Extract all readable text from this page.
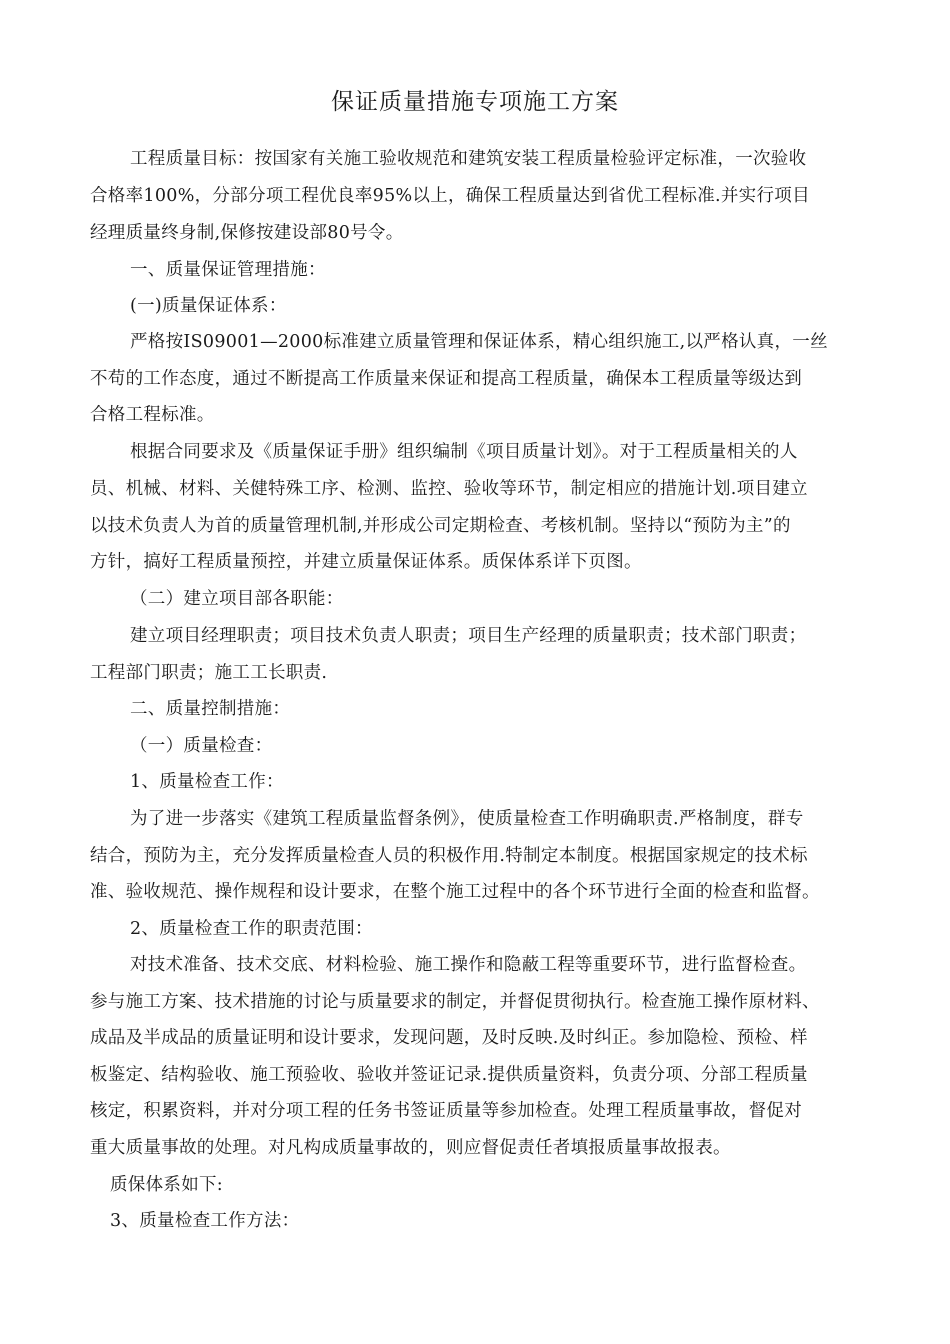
保证质量措施专项施工方案
工程质量目标：按国家有关施工验收规范和建筑安装工程质量检验评定标准，一次验收
合格率100%，分部分项工程优良率95%以上，确保工程质量达到省优工程标准.并实行项目
经理质量终身制,保修按建设部80号令。
一、质量保证管理措施：
(一)质量保证体系：
严格按IS09001—2000标准建立质量管理和保证体系，精心组织施工,以严格认真，一丝
不苟的工作态度，通过不断提高工作质量来保证和提高工程质量，确保本工程质量等级达到
合格工程标准。
根据合同要求及《质量保证手册》组织编制《项目质量计划》。对于工程质量相关的人
员、机械、材料、关健特殊工序、检测、监控、验收等环节，制定相应的措施计划.项目建立
以技术负责人为首的质量管理机制,并形成公司定期检查、考核机制。坚持以“预防为主”的
方针，搞好工程质量预控，并建立质量保证体系。质保体系详下页图。
（二）建立项目部各职能：
建立项目经理职责；项目技术负责人职责；项目生产经理的质量职责；技术部门职责；
工程部门职责；施工工长职责.
二、质量控制措施：
（一）质量检查：
1、质量检查工作：
为了进一步落实《建筑工程质量监督条例》，使质量检查工作明确职责.严格制度，群专
结合，预防为主，充分发挥质量检查人员的积极作用.特制定本制度。根据国家规定的技术标
准、验收规范、操作规程和设计要求，在整个施工过程中的各个环节进行全面的检查和监督。
2、质量检查工作的职责范围：
对技术准备、技术交底、材料检验、施工操作和隐蔽工程等重要环节，进行监督检查。
参与施工方案、技术措施的讨论与质量要求的制定，并督促贯彻执行。检查施工操作原材料、
成品及半成品的质量证明和设计要求，发现问题，及时反映.及时纠正。参加隐检、预检、样
板鉴定、结构验收、施工预验收、验收并签证记录.提供质量资料，负责分项、分部工程质量
核定，积累资料，并对分项工程的任务书签证质量等参加检查。处理工程质量事故，督促对
重大质量事故的处理。对凡构成质量事故的，则应督促责任者填报质量事故报表。
质保体系如下:
3、质量检查工作方法：
